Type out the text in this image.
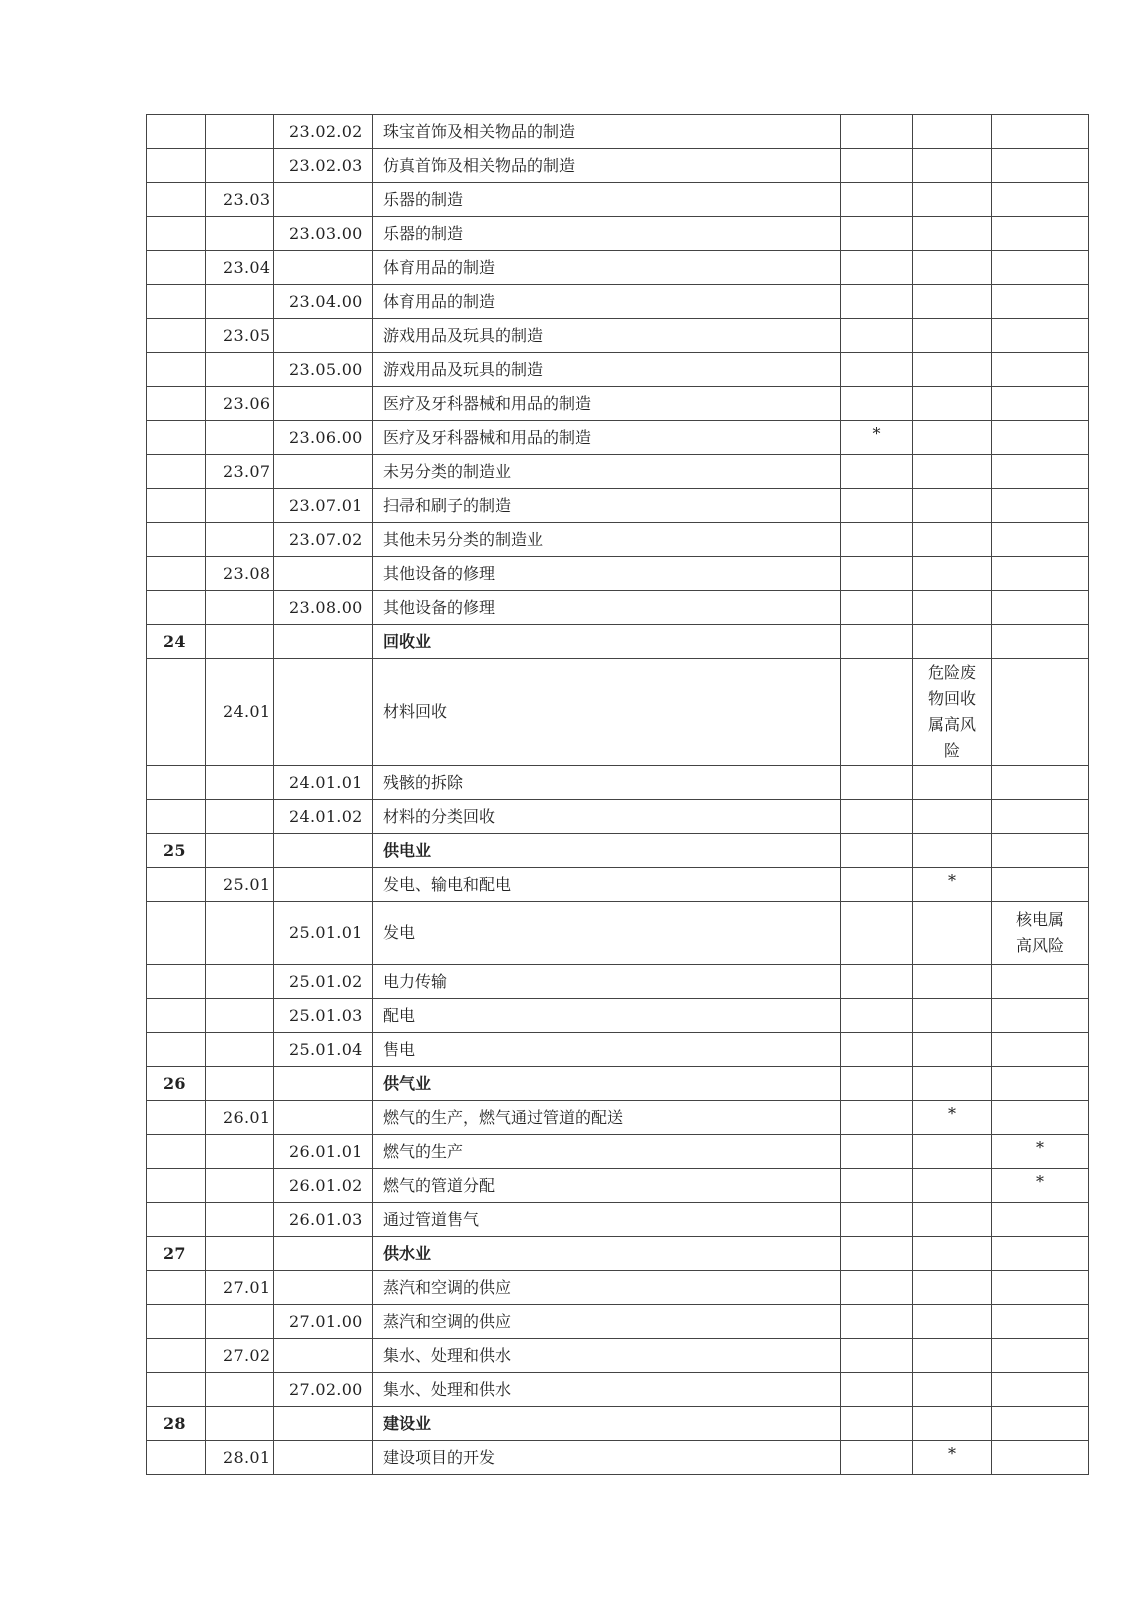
		23.02.02	珠宝首饰及相关物品的制造			
		23.02.03	仿真首饰及相关物品的制造			
	23.03		乐器的制造			
		23.03.00	乐器的制造			
	23.04		体育用品的制造			
		23.04.00	体育用品的制造			
	23.05		游戏用品及玩具的制造			
		23.05.00	游戏用品及玩具的制造			
	23.06		医疗及牙科器械和用品的制造			
		23.06.00	医疗及牙科器械和用品的制造	*		
	23.07		未另分类的制造业			
		23.07.01	扫帚和刷子的制造			
		23.07.02	其他未另分类的制造业			
	23.08		其他设备的修理			
		23.08.00	其他设备的修理			
24			回收业			
	24.01		材料回收		危险废物回收属高风险	
		24.01.01	残骸的拆除			
		24.01.02	材料的分类回收			
25			供电业			
	25.01		发电、输电和配电		*	
		25.01.01	发电			核电属高风险
		25.01.02	电力传输			
		25.01.03	配电			
		25.01.04	售电			
26			供气业			
	26.01		燃气的生产，燃气通过管道的配送		*	
		26.01.01	燃气的生产			*
		26.01.02	燃气的管道分配			*
		26.01.03	通过管道售气			
27			供水业			
	27.01		蒸汽和空调的供应			
		27.01.00	蒸汽和空调的供应			
	27.02		集水、处理和供水			
		27.02.00	集水、处理和供水			
28			建设业			
	28.01		建设项目的开发		*	
